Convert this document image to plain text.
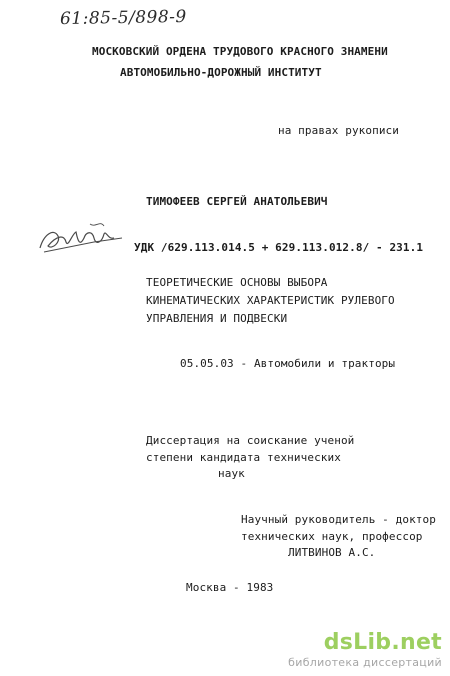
61:85-5/898-9
МОСКОВСКИЙ ОРДЕНА ТРУДОВОГО КРАСНОГО ЗНАМЕНИ
АВТОМОБИЛЬНО-ДОРОЖНЫЙ ИНСТИТУТ
на правах рукописи
ТИМОФЕЕВ СЕРГЕЙ АНАТОЛЬЕВИЧ
УДК /629.113.014.5 + 629.113.012.8/ - 231.1
ТЕОРЕТИЧЕСКИЕ ОСНОВЫ ВЫБОРА
КИНЕМАТИЧЕСКИХ ХАРАКТЕРИСТИК РУЛЕВОГО
УПРАВЛЕНИЯ И ПОДВЕСКИ
05.05.03 - Автомобили и тракторы
Диссертация на соискание ученой
степени кандидата технических
наук
Научный руководитель - доктор
технических наук, профессор
ЛИТВИНОВ А.С.
Москва - 1983
dsLib.net
библиотека диссертаций
